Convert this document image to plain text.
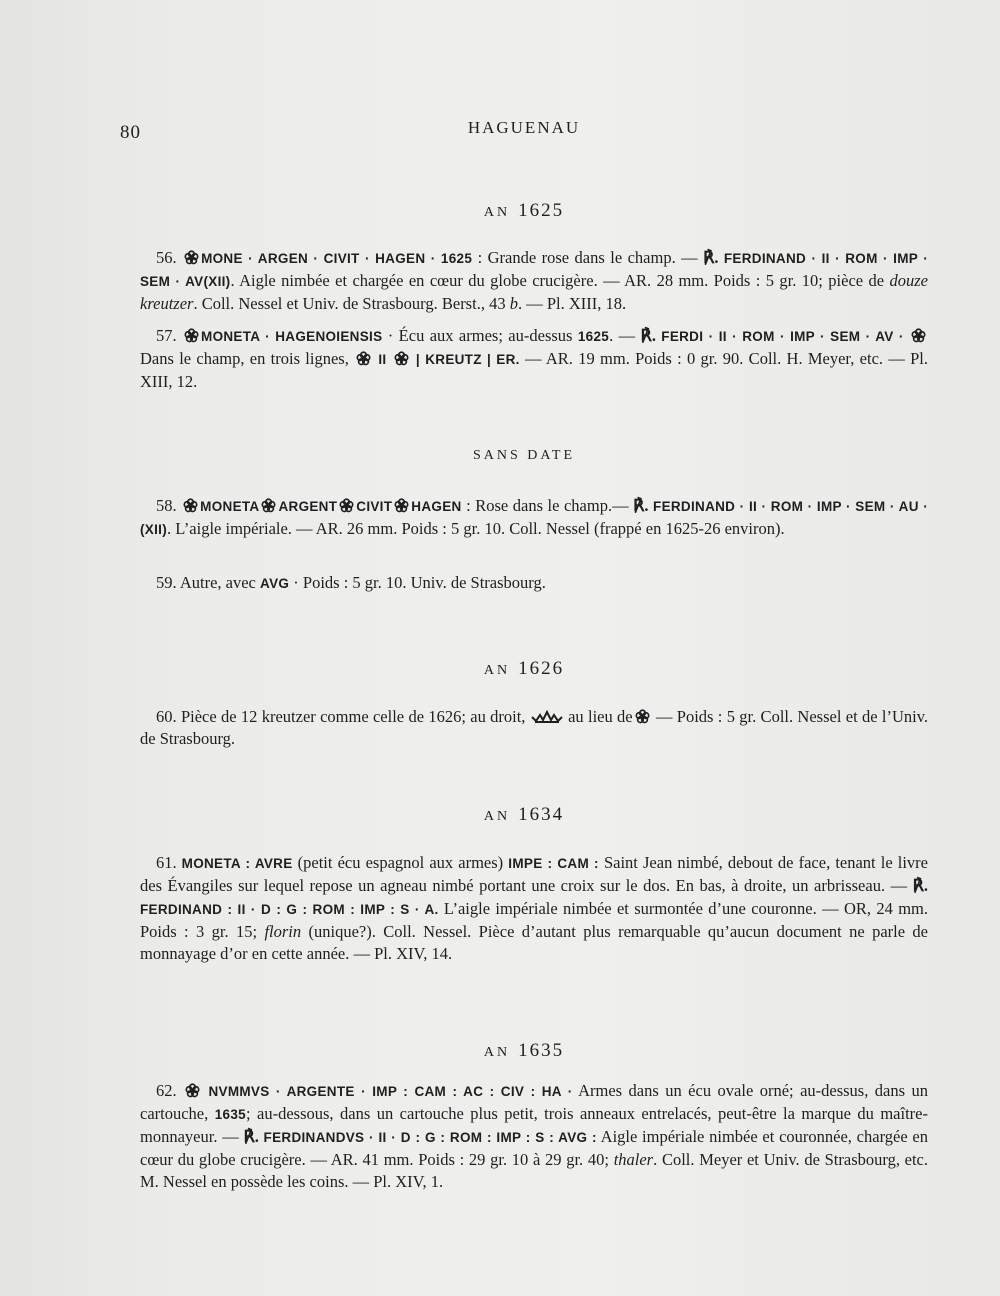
80	HAGUENAU
AN 1625
56. MONE · ARGEN · CIVIT · HAGEN · 1625 : Grande rose dans le champ. — ℟. FERDINAND · II · ROM · IMP · SEM · AV(XII). Aigle nimbée et chargée en cœur du globe crucigère. — AR. 28 mm. Poids : 5 gr. 10; pièce de douze kreutzer. Coll. Nessel et Univ. de Strasbourg. Berst., 43 b. — Pl. XIII, 18.
57. MONETA · HAGENOIENSIS · Écu aux armes; au-dessus 1625. — ℟. FERDI · II · ROM · IMP · SEM · AV ·
Dans le champ, en trois lignes,
II
| KREUTZ | ER. — AR. 19 mm. Poids : 0 gr. 90. Coll. H. Meyer, etc. — Pl. XIII, 12.
SANS DATE
58. MONETA ARGENT CIVIT HAGEN : Rose dans le champ.— ℟. FERDINAND · II · ROM · IMP · SEM · AU · (XII). L’aigle impériale. — AR. 26 mm. Poids : 5 gr. 10. Coll. Nessel (frappé en 1625-26 environ).
59. Autre, avec AVG · Poids : 5 gr. 10. Univ. de Strasbourg.
AN 1626
60. Pièce de 12 kreutzer comme celle de 1626; au droit,
au lieu de
— Poids : 5 gr. Coll. Nessel et de l’Univ. de Strasbourg.
AN 1634
61. MONETA : AVRE (petit écu espagnol aux armes) IMPE : CAM : Saint Jean nimbé, debout de face, tenant le livre des Évangiles sur lequel repose un agneau nimbé portant une croix sur le dos. En bas, à droite, un arbrisseau. — ℟. FERDINAND : II · D : G : ROM : IMP : S · A. L’aigle impériale nimbée et surmontée d’une couronne. — OR, 24 mm. Poids : 3 gr. 15; florin (unique?). Coll. Nessel. Pièce d’autant plus remarquable qu’aucun document ne parle de monnayage d’or en cette année. — Pl. XIV, 14.
AN 1635
62.
NVMMVS · ARGENTE · IMP : CAM : AC : CIV : HA · Armes dans un écu ovale orné; au-dessus, dans un cartouche, 1635; au-dessous, dans un cartouche plus petit, trois anneaux entrelacés, peut-être la marque du maître-monnayeur. — ℟. FERDINANDVS · II · D : G : ROM : IMP : S : AVG : Aigle impériale nimbée et couronnée, chargée en cœur du globe crucigère. — AR. 41 mm. Poids : 29 gr. 10 à 29 gr. 40; thaler. Coll. Meyer et Univ. de Strasbourg, etc. M. Nessel en possède les coins. — Pl. XIV, 1.
